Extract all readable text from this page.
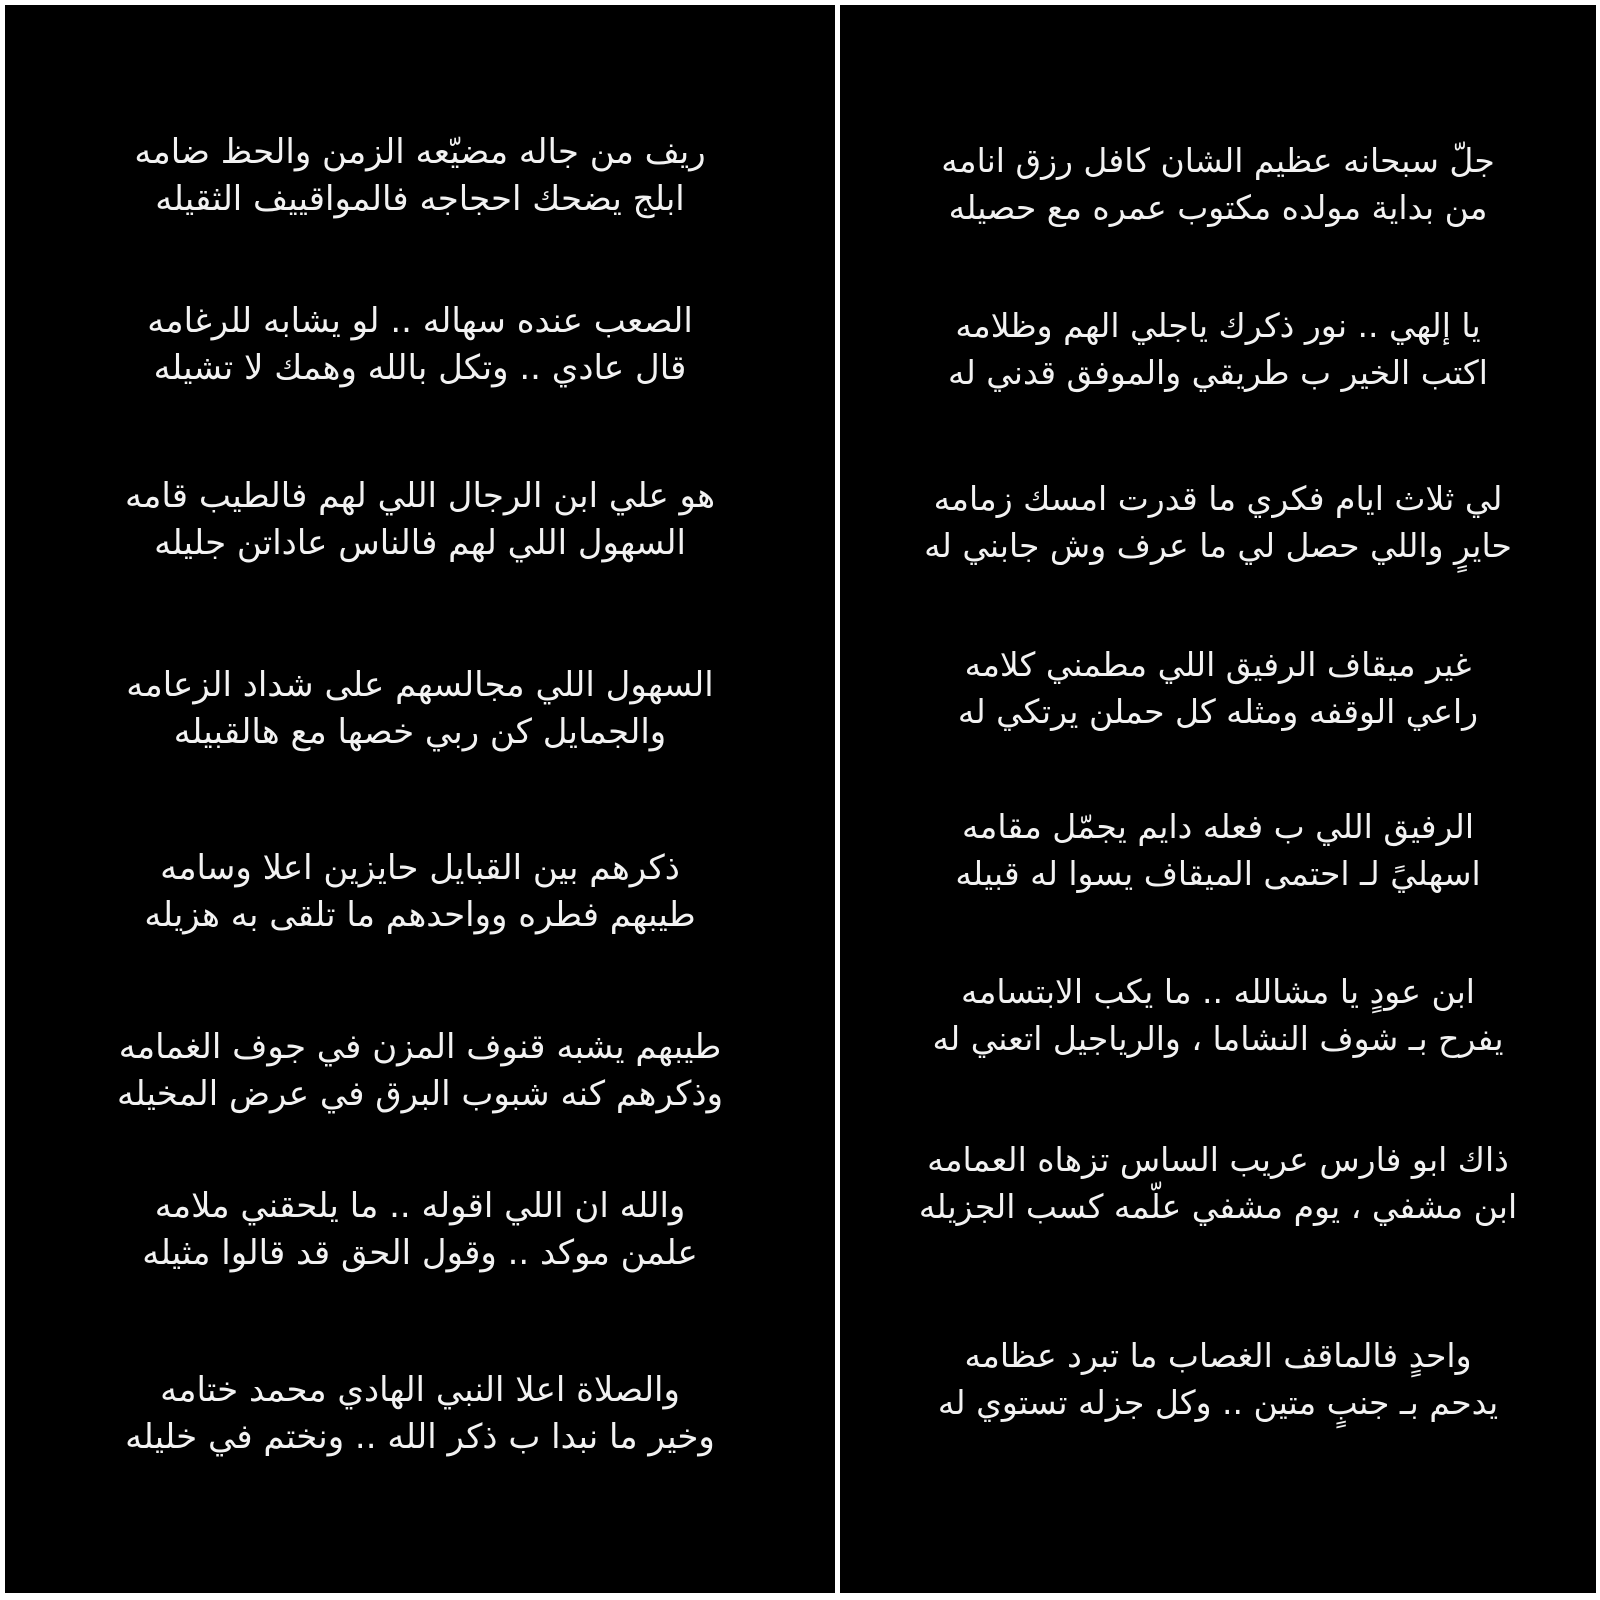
ريف من جاله مضيّعه الزمن والحظ ضامه
ابلج يضحك احجاجه فالمواقييف الثقيله
الصعب عنده سهاله .. لو يشابه للرغامه
قال عادي .. وتكل بالله وهمك لا تشيله
هو علي ابن الرجال اللي لهم فالطيب قامه
السهول اللي لهم فالناس عاداتن جليله
السهول اللي مجالسهم على شداد الزعامه
والجمايل كن ربي خصها مع هالقبيله
ذكرهم بين القبايل حايزين اعلا وسامه
طيبهم فطره وواحدهم ما تلقى به هزيله
طيبهم يشبه قنوف المزن في جوف الغمامه
وذكرهم كنه شبوب البرق في عرض المخيله
والله ان اللي اقوله .. ما يلحقني ملامه
علمن موكد .. وقول الحق قد قالوا مثيله
والصلاة اعلا النبي الهادي محمد ختامه
وخير ما نبدا ب ذكر الله .. ونختم في خليله
جلّ سبحانه عظيم الشان كافل رزق انامه
من بداية مولده مكتوب عمره مع حصيله
يا إلهي .. نور ذكرك ياجلي الهم وظلامه
اكتب الخير ب طريقي والموفق قدني له
لي ثلاث ايام فكري ما قدرت امسك زمامه
حايرٍ واللي حصل لي ما عرف وش جابني له
غير ميقاف الرفيق اللي مطمني كلامه
راعي الوقفه ومثله كل حملن يرتكي له
الرفيق اللي ب فعله دايم يجمّل مقامه
اسهليً لـ احتمى الميقاف يسوا له قبيله
ابن عودٍ يا مشالله .. ما يكب الابتسامه
يفرح بـ شوف النشاما ، والرياجيل اتعني له
ذاك ابو فارس عريب الساس تزهاه العمامه
ابن مشفي ، يوم مشفي علّمه كسب الجزيله
واحدٍ فالماقف الغصاب ما تبرد عظامه
يدحم بـ جنبٍ متين .. وكل جزله تستوي له
